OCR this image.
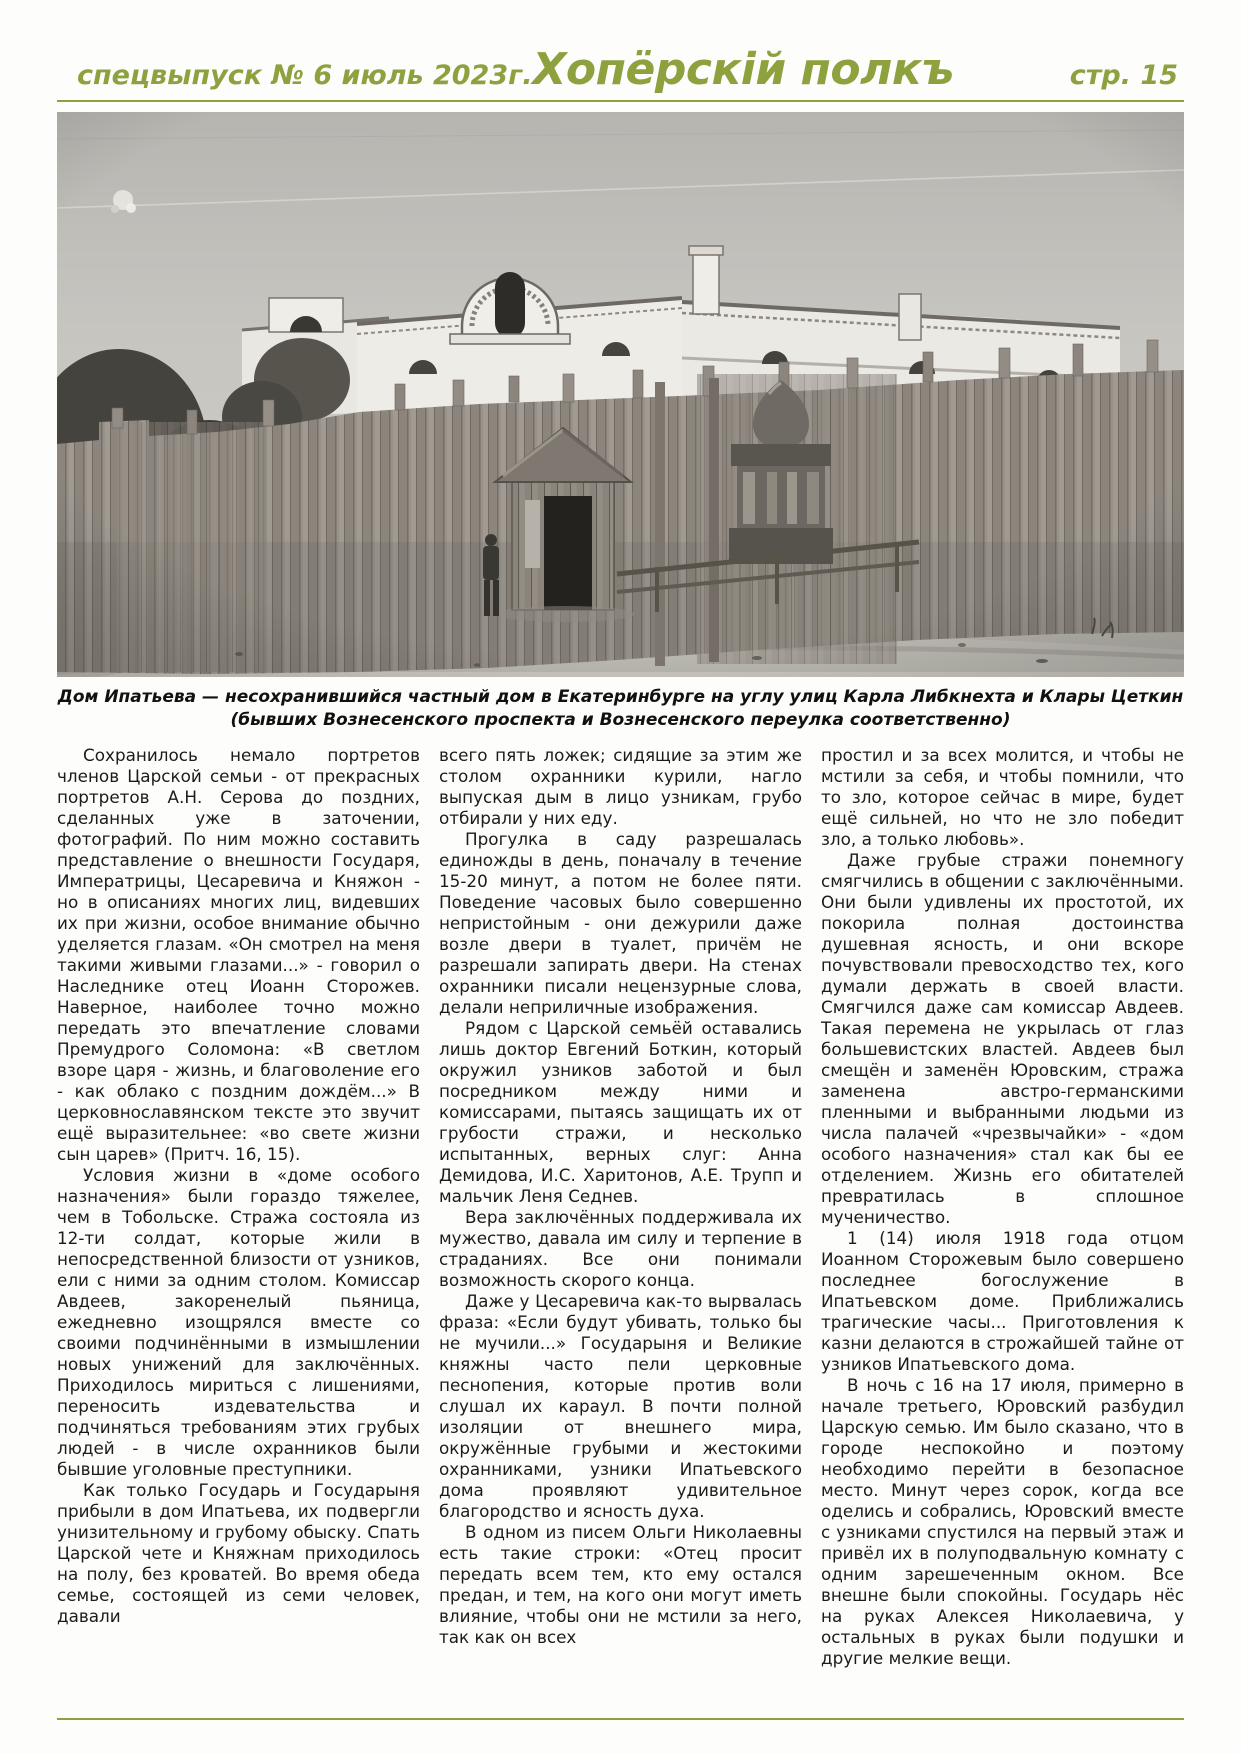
спецвыпуск № 6 июль 2023г. Хопёрскій полкъ	стр. 15
Дом Ипатьева — несохранившийся частный дом в Екатеринбурге на углу улиц Карла Либкнехта и Клары Цеткин
(бывших Вознесенского проспекта и Вознесенского переулка соответственно)

Сохранилось немало портретов членов Царской семьи - от прекрасных портретов А.Н. Серова до поздних, сделанных уже в заточении, фотографий. По ним можно составить представление о внешности Государя, Императрицы, Цесаревича и Княжон - но в описаниях многих лиц, видевших их при жизни, особое внимание обычно уделяется глазам. «Он смотрел на меня такими живыми глазами...» - говорил о Наследнике отец Иоанн Сторожев. Наверное, наиболее точно можно передать это впечатление словами Премудрого Соломона: «В светлом взоре царя - жизнь, и благоволение его - как облако с поздним дождём...» В церковнославянском тексте это звучит ещё выразительнее: «во свете жизни сын царев» (Притч. 16, 15).

Условия жизни в «доме особого назначения» были гораздо тяжелее, чем в Тобольске. Стража состояла из 12-ти солдат, которые жили в непосредственной близости от узников, ели с ними за одним столом. Комиссар Авдеев, закоренелый пьяница, ежедневно изощрялся вместе со своими подчинёнными в измышлении новых унижений для заключённых. Приходилось мириться с лишениями, переносить издевательства и подчиняться требованиям этих грубых людей - в числе охранников были бывшие уголовные преступники.

Как только Государь и Государыня прибыли в дом Ипатьева, их подвергли унизительному и грубому обыску. Спать Царской чете и Княжнам приходилось на полу, без кроватей. Во время обеда семье, состоящей из семи человек, давали

всего пять ложек; сидящие за этим же столом охранники курили, нагло выпуская дым в лицо узникам, грубо отбирали у них еду.

Прогулка в саду разрешалась единожды в день, поначалу в течение 15-20 минут, а потом не более пяти. Поведение часовых было совершенно непристойным - они дежурили даже возле двери в туалет, причём не разрешали запирать двери. На стенах охранники писали нецензурные слова, делали неприличные изображения.

Рядом с Царской семьёй оставались лишь доктор Евгений Боткин, который окружил узников заботой и был посредником между ними и комиссарами, пытаясь защищать их от грубости стражи, и несколько испытанных, верных слуг: Анна Демидова, И.С. Харитонов, А.Е. Трупп и мальчик Леня Седнев.

Вера заключённых поддерживала их мужество, давала им силу и терпение в страданиях. Все они понимали возможность скорого конца.

Даже у Цесаревича как-то вырвалась фраза: «Если будут убивать, только бы не мучили...» Государыня и Великие княжны часто пели церковные песнопения, которые против воли слушал их караул. В почти полной изоляции от внешнего мира, окружённые грубыми и жестокими охранниками, узники Ипатьевского дома проявляют удивительное благородство и ясность духа.

В одном из писем Ольги Николаевны есть такие строки: «Отец просит передать всем тем, кто ему остался предан, и тем, на кого они могут иметь влияние, чтобы они не мстили за него, так как он всех

простил и за всех молится, и чтобы не мстили за себя, и чтобы помнили, что то зло, которое сейчас в мире, будет ещё сильней, но что не зло победит зло, а только любовь».

Даже грубые стражи понемногу смягчились в общении с заключёнными. Они были удивлены их простотой, их покорила полная достоинства душевная ясность, и они вскоре почувствовали превосходство тех, кого думали держать в своей власти. Смягчился даже сам комиссар Авдеев. Такая перемена не укрылась от глаз большевистских властей. Авдеев был смещён и заменён Юровским, стража заменена австро-германскими пленными и выбранными людьми из числа палачей «чрезвычайки» - «дом особого назначения» стал как бы ее отделением. Жизнь его обитателей превратилась в сплошное мученичество.

1 (14) июля 1918 года отцом Иоанном Сторожевым было совершено последнее богослужение в Ипатьевском доме. Приближались трагические часы... Приготовления к казни делаются в строжайшей тайне от узников Ипатьевского дома.

В ночь с 16 на 17 июля, примерно в начале третьего, Юровский разбудил Царскую семью. Им было сказано, что в городе неспокойно и поэтому необходимо перейти в безопасное место. Минут через сорок, когда все оделись и собрались, Юровский вместе с узниками спустился на первый этаж и привёл их в полуподвальную комнату с одним зарешеченным окном. Все внешне были спокойны. Государь нёс на руках Алексея Николаевича, у остальных в руках были подушки и другие мелкие вещи.
